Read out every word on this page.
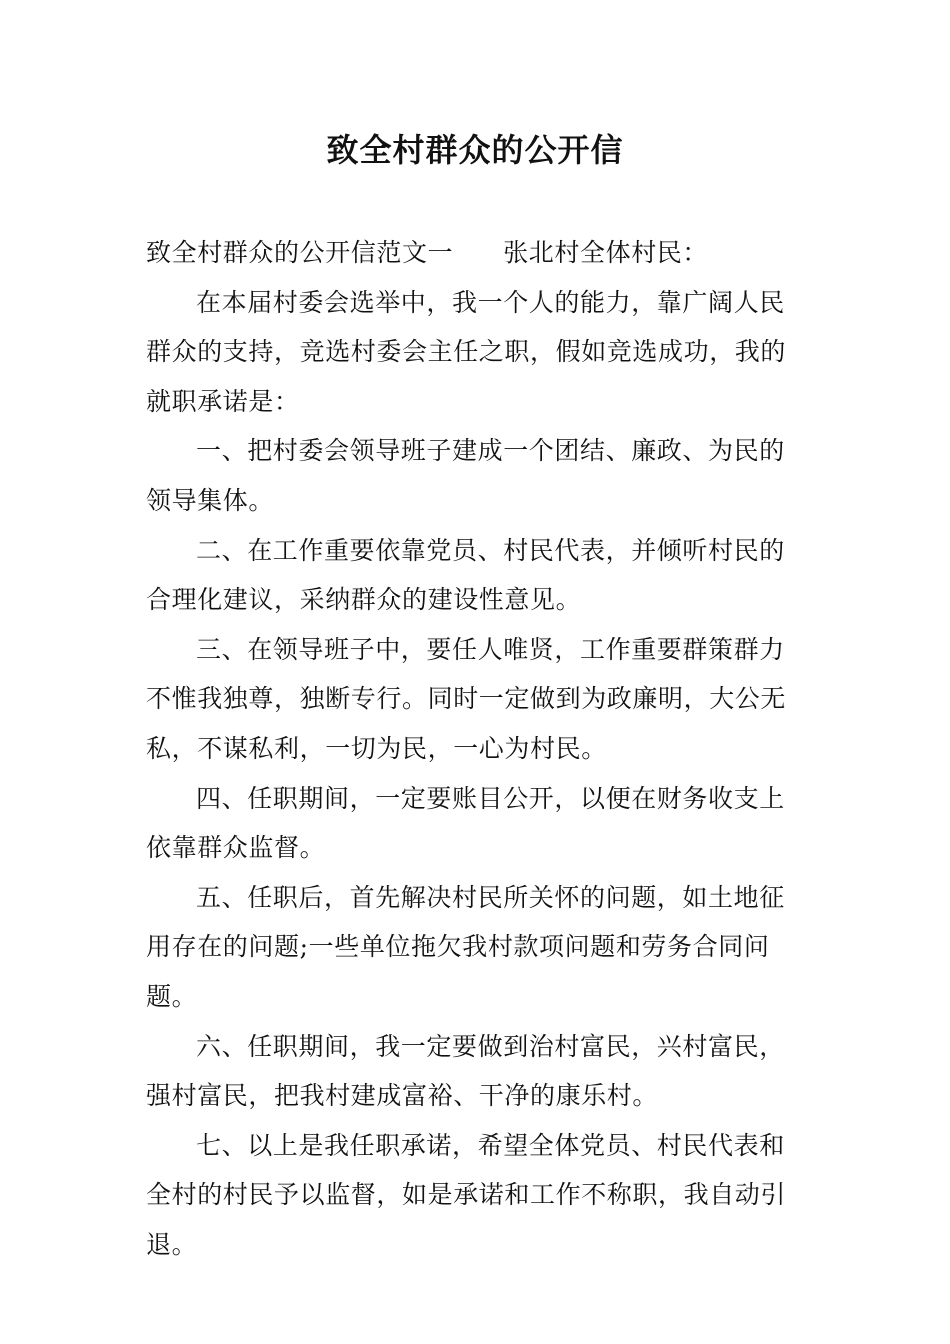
致全村群众的公开信

致全村群众的公开信范文一 张北村全体村民：

在本届村委会选举中，我一个人的能力，靠广阔人民群众的支持，竞选村委会主任之职，假如竞选成功，我的就职承诺是：

一、把村委会领导班子建成一个团结、廉政、为民的领导集体。

二、在工作重要依靠党员、村民代表，并倾听村民的合理化建议，采纳群众的建设性意见。

三、在领导班子中，要任人唯贤，工作重要群策群力不惟我独尊，独断专行。同时一定做到为政廉明，大公无私，不谋私利，一切为民，一心为村民。

四、任职期间，一定要账目公开，以便在财务收支上依靠群众监督。

五、任职后，首先解决村民所关怀的问题，如土地征用存在的问题;一些单位拖欠我村款项问题和劳务合同问题。

六、任职期间，我一定要做到治村富民，兴村富民，强村富民，把我村建成富裕、干净的康乐村。

七、以上是我任职承诺，希望全体党员、村民代表和全村的村民予以监督，如是承诺和工作不称职，我自动引退。
